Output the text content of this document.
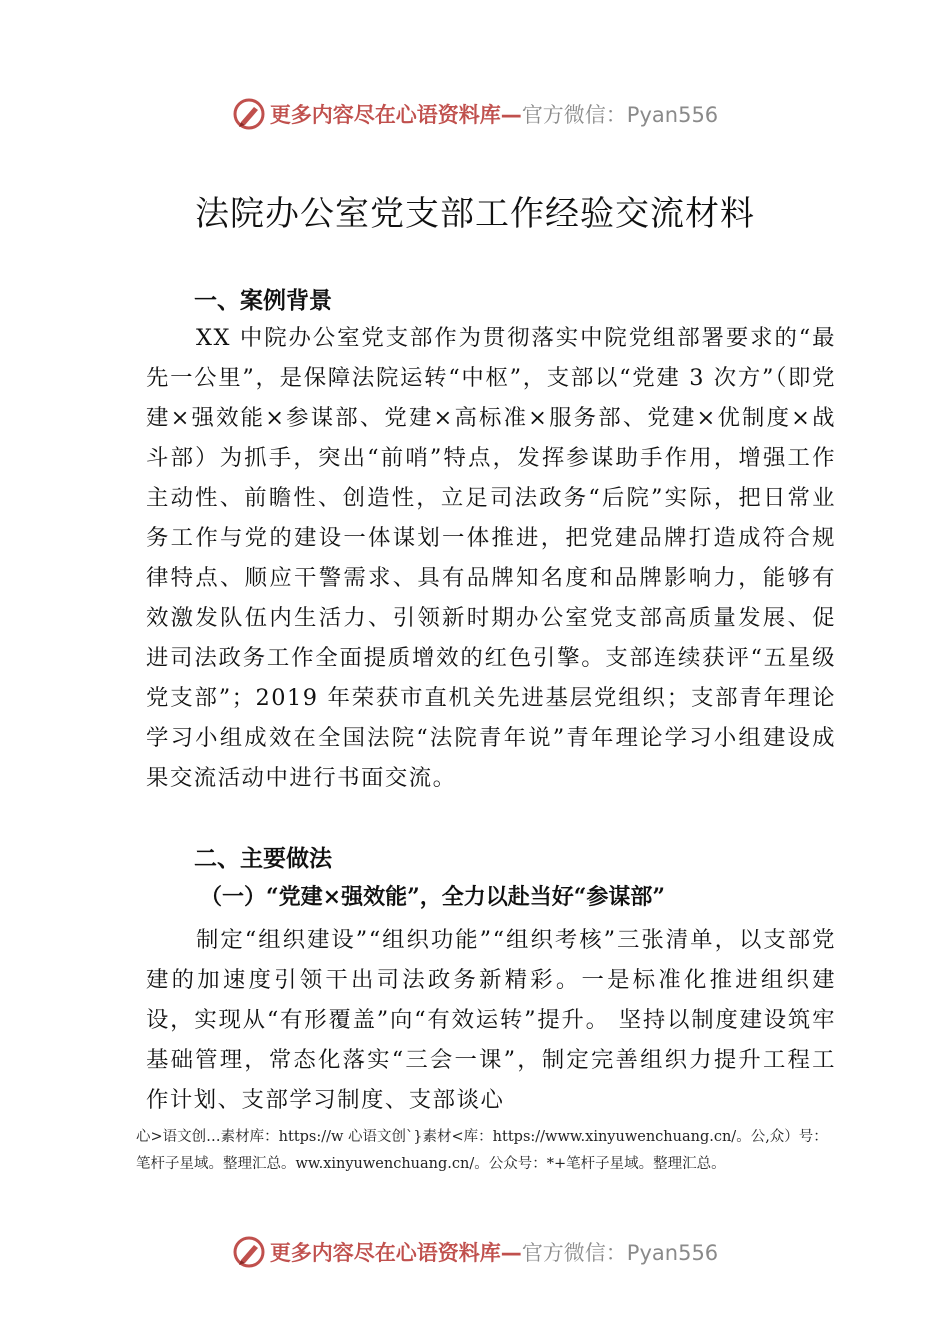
更多内容尽在心语资料库—官方微信：Pyan556
法院办公室党支部工作经验交流材料
一、案例背景

XX 中院办公室党支部作为贯彻落实中院党组部署要求的“最先一公里”，是保障法院运转“中枢”，支部以“党建 3 次方”（即党建×强效能×参谋部、党建×高标准×服务部、党建×优制度×战斗部）为抓手，突出“前哨”特点，发挥参谋助手作用，增强工作主动性、前瞻性、创造性，立足司法政务“后院”实际，把日常业务工作与党的建设一体谋划一体推进，把党建品牌打造成符合规律特点、顺应干警需求、具有品牌知名度和品牌影响力，能够有效激发队伍内生活力、引领新时期办公室党支部高质量发展、促进司法政务工作全面提质增效的红色引擎。支部连续获评“五星级党支部”；2019 年荣获市直机关先进基层党组织；支部青年理论学习小组成效在全国法院“法院青年说”青年理论学习小组建设成果交流活动中进行书面交流。

二、主要做法
（一）“党建×强效能”，全力以赴当好“参谋部”

制定“组织建设”“组织功能”“组织考核”三张清单，以支部党建的加速度引领干出司法政务新精彩。一是标准化推进组织建设，实现从“有形覆盖”向“有效运转”提升。 坚持以制度建设筑牢基础管理，常态化落实“三会一课”，制定完善组织力提升工程工作计划、支部学习制度、支部谈心

心>语文创…素材库：https://w 心语文创`}素材<库：https://www.xinyuwenchuang.cn/。公,众）号：笔杆子星域。整理汇总。ww.xinyuwenchuang.cn/。公众号：*+笔杆子星域。整理汇总。

更多内容尽在心语资料库—官方微信：Pyan556
